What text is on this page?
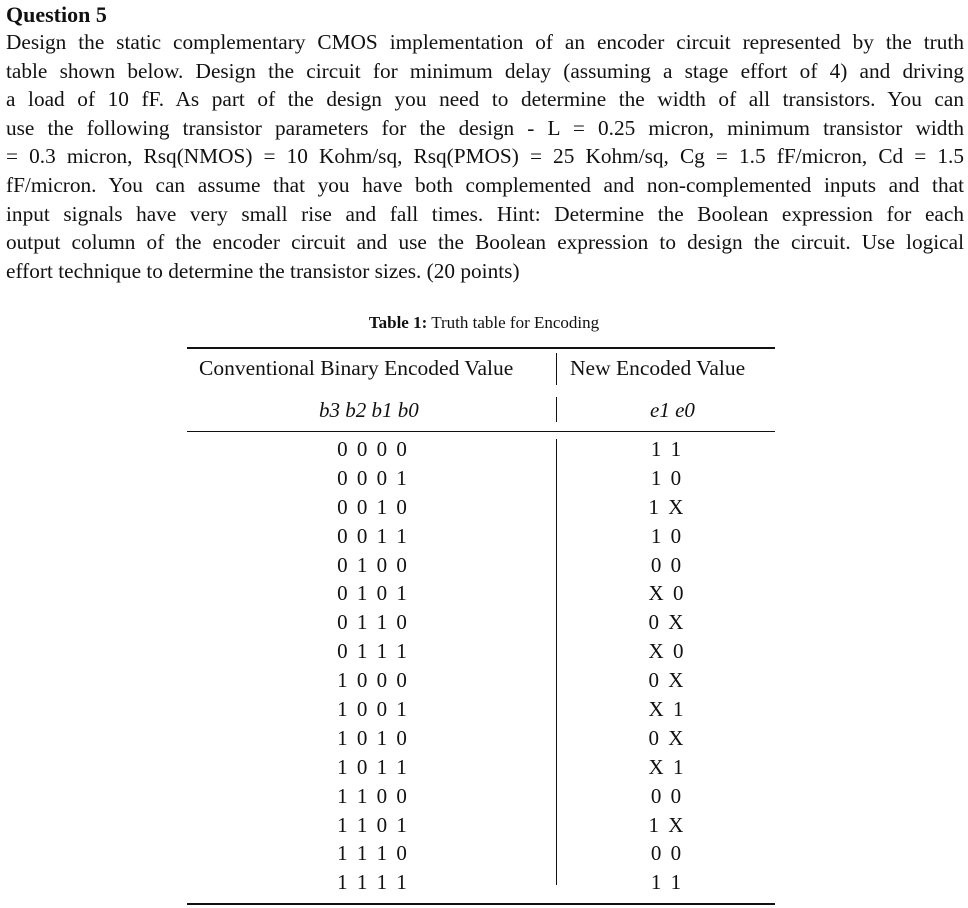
Question 5
Design the static complementary CMOS implementation of an encoder circuit represented by the truth
table shown below. Design the circuit for minimum delay (assuming a stage effort of 4) and driving
a load of 10 fF. As part of the design you need to determine the width of all transistors. You can
use the following transistor parameters for the design - L = 0.25 micron, minimum transistor width
= 0.3 micron, Rsq(NMOS) = 10 Kohm/sq, Rsq(PMOS) = 25 Kohm/sq, Cg = 1.5 fF/micron, Cd = 1.5
fF/micron. You can assume that you have both complemented and non-complemented inputs and that
input signals have very small rise and fall times. Hint: Determine the Boolean expression for each
output column of the encoder circuit and use the Boolean expression to design the circuit. Use logical
effort technique to determine the transistor sizes. (20 points)
Table 1: Truth table for Encoding
Conventional Binary Encoded Value	New Encoded Value
b3 b2 b1 b0	e1 e0
0 0 0 0	1 1
0 0 0 1	1 0
0 0 1 0	1 X
0 0 1 1	1 0
0 1 0 0	0 0
0 1 0 1	X 0
0 1 1 0	0 X
0 1 1 1	X 0
1 0 0 0	0 X
1 0 0 1	X 1
1 0 1 0	0 X
1 0 1 1	X 1
1 1 0 0	0 0
1 1 0 1	1 X
1 1 1 0	0 0
1 1 1 1	1 1
